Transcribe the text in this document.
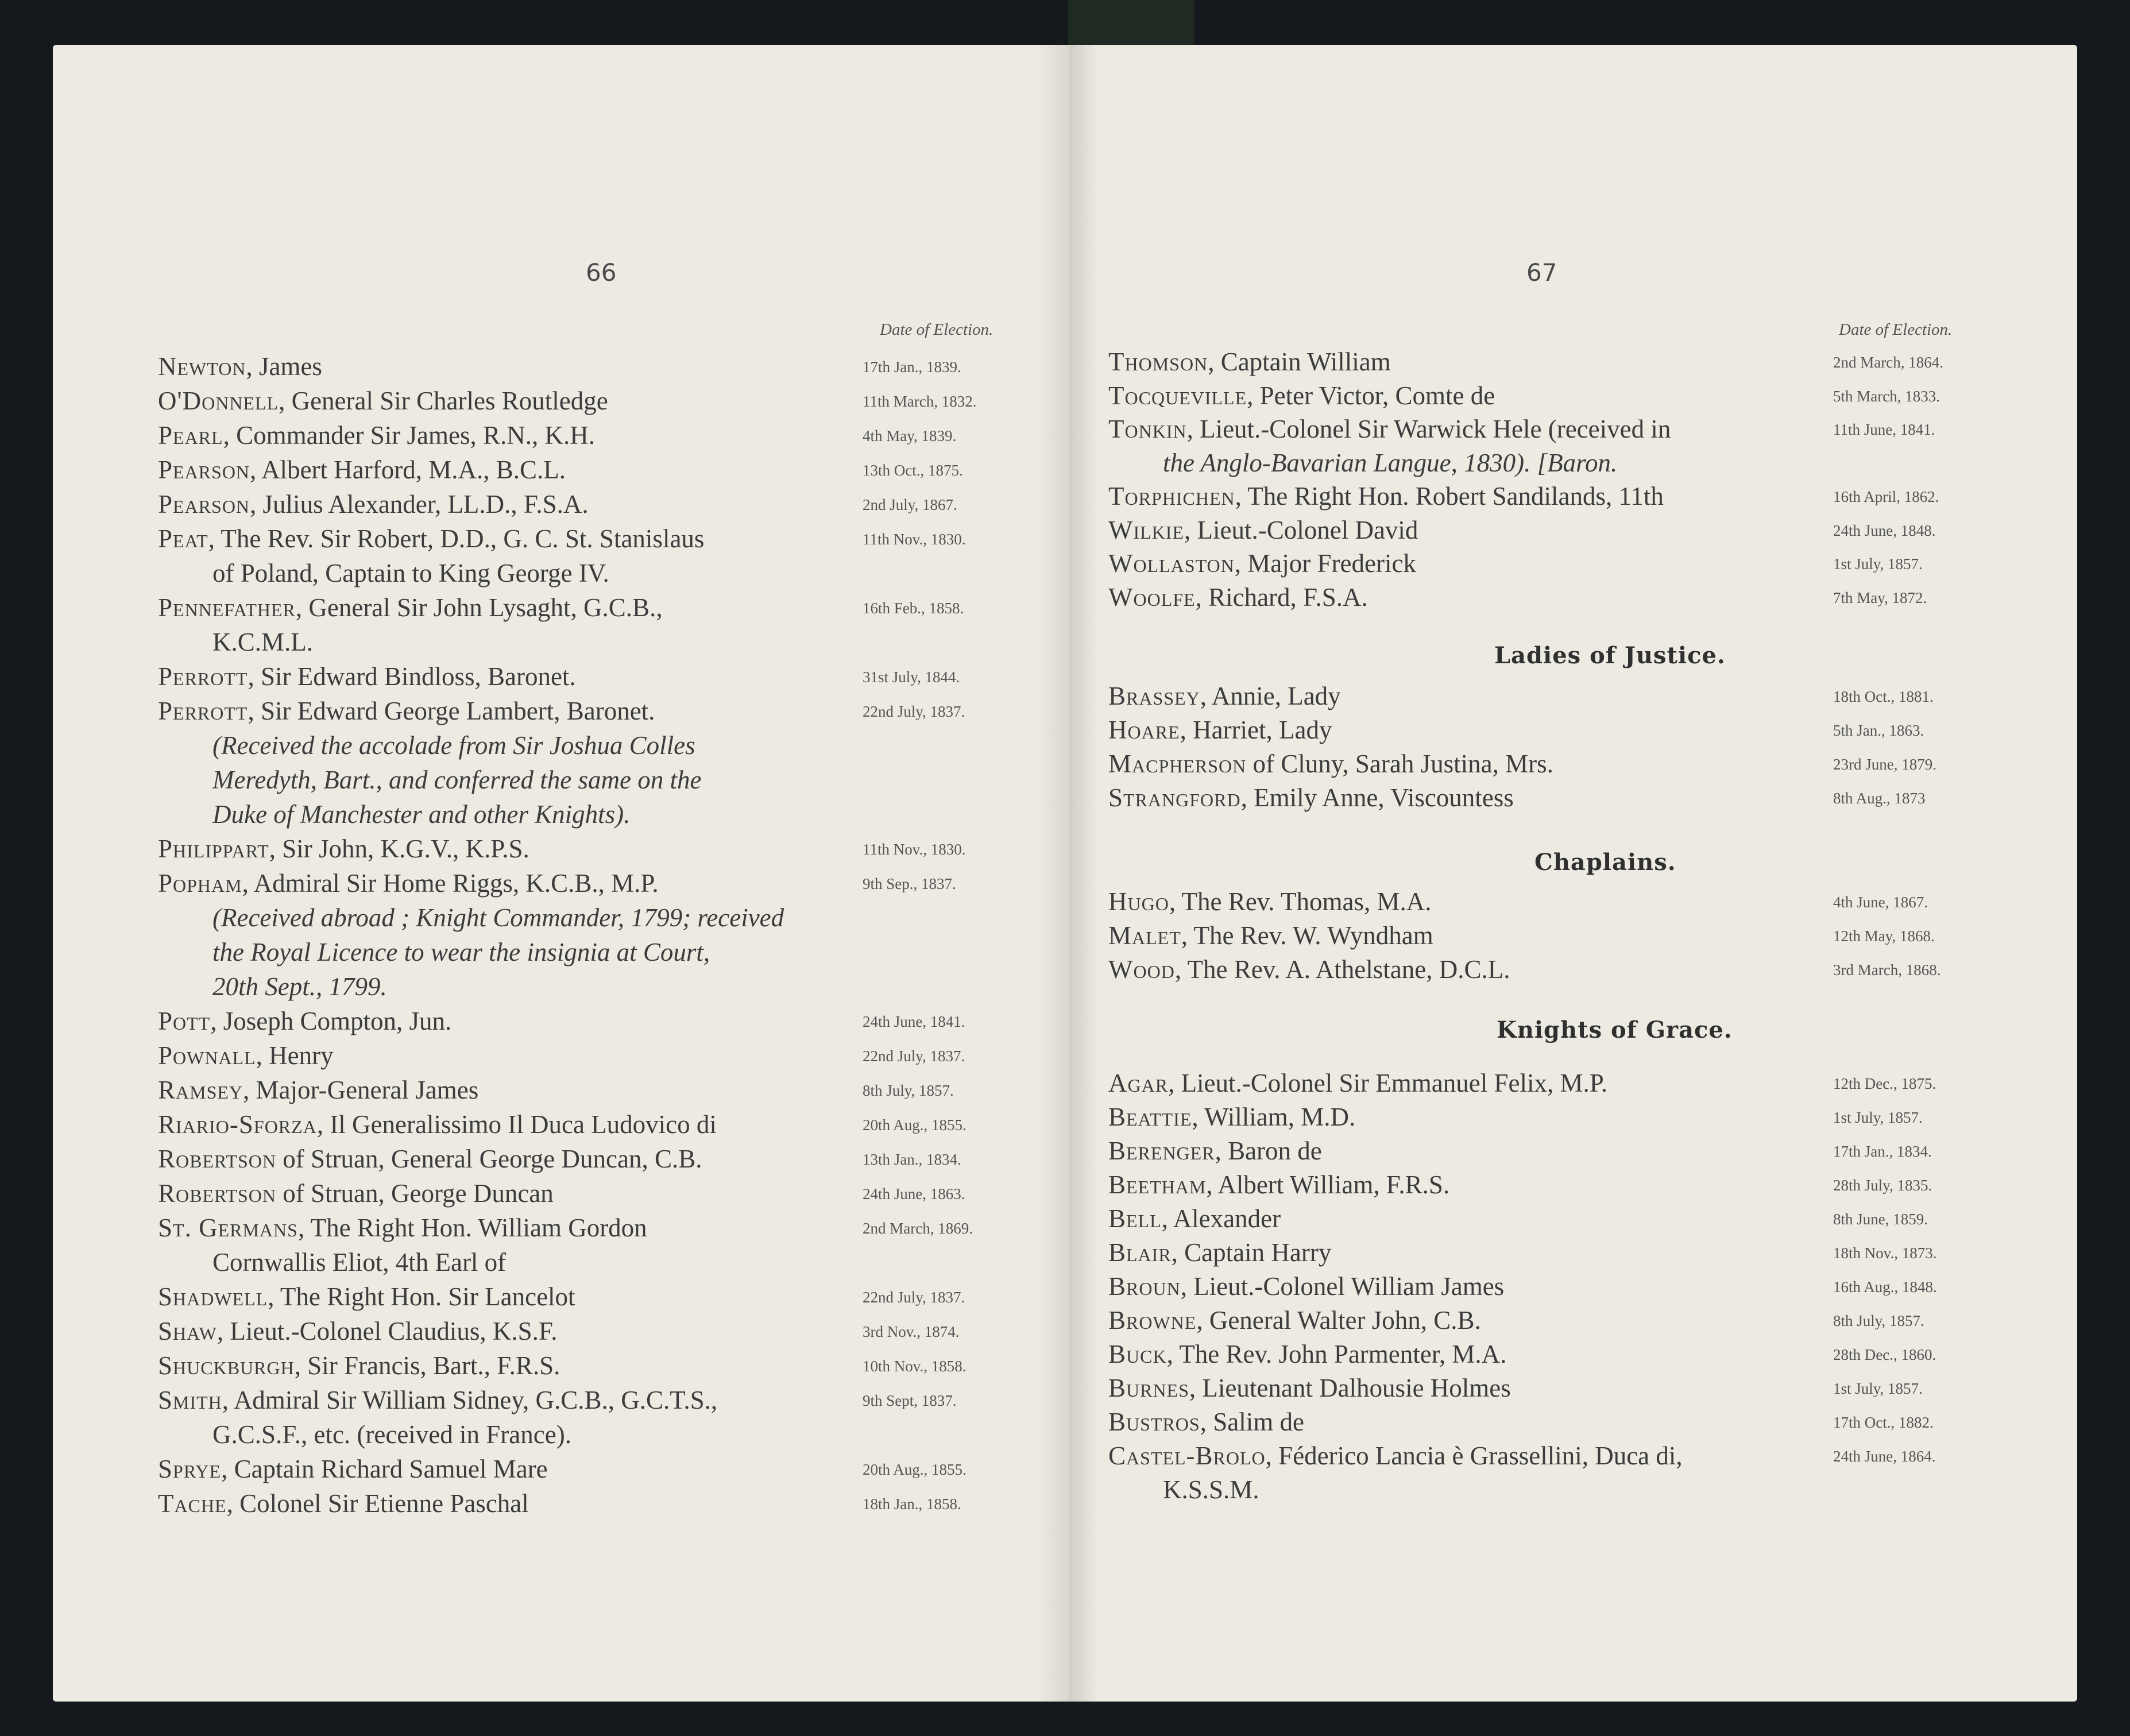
66
Date of Election.
17th Jan., 1839.
Newton, James
11th March, 1832.
O'Donnell, General Sir Charles Routledge
4th May, 1839.
Pearl, Commander Sir James, R.N., K.H.
13th Oct., 1875.
Pearson, Albert Harford, M.A., B.C.L.
2nd July, 1867.
Pearson, Julius Alexander, LL.D., F.S.A.
11th Nov., 1830.
Peat, The Rev. Sir Robert, D.D., G. C. St. Stanislaus
of Poland, Captain to King George IV.
16th Feb., 1858.
Pennefather, General Sir John Lysaght, G.C.B.,
K.C.M.L.
31st July, 1844.
Perrott, Sir Edward Bindloss, Baronet.
22nd July, 1837.
Perrott, Sir Edward George Lambert, Baronet.
(Received the accolade from Sir Joshua Colles
Meredyth, Bart., and conferred the same on the
Duke of Manchester and other Knights).
11th Nov., 1830.
Philippart, Sir John, K.G.V., K.P.S.
9th Sep., 1837.
Popham, Admiral Sir Home Riggs, K.C.B., M.P.
(Received abroad ; Knight Commander, 1799; received
the Royal Licence to wear the insignia at Court,
20th Sept., 1799.
24th June, 1841.
Pott, Joseph Compton, Jun.
22nd July, 1837.
Pownall, Henry
8th July, 1857.
Ramsey, Major-General James
20th Aug., 1855.
Riario-Sforza, Il Generalissimo Il Duca Ludovico di
13th Jan., 1834.
Robertson of Struan, General George Duncan, C.B.
24th June, 1863.
Robertson of Struan, George Duncan
2nd March, 1869.
St. Germans, The Right Hon. William Gordon
Cornwallis Eliot, 4th Earl of
22nd July, 1837.
Shadwell, The Right Hon. Sir Lancelot
3rd Nov., 1874.
Shaw, Lieut.-Colonel Claudius, K.S.F.
10th Nov., 1858.
Shuckburgh, Sir Francis, Bart., F.R.S.
9th Sept, 1837.
Smith, Admiral Sir William Sidney, G.C.B., G.C.T.S.,
G.C.S.F., etc. (received in France).
20th Aug., 1855.
Sprye, Captain Richard Samuel Mare
18th Jan., 1858.
Tache, Colonel Sir Etienne Paschal
67
Date of Election.
2nd March, 1864.
Thomson, Captain William
5th March, 1833.
Tocqueville, Peter Victor, Comte de
11th June, 1841.
Tonkin, Lieut.-Colonel Sir Warwick Hele (received in
the Anglo-Bavarian Langue, 1830). [Baron.
16th April, 1862.
Torphichen, The Right Hon. Robert Sandilands, 11th
24th June, 1848.
Wilkie, Lieut.-Colonel David
1st July, 1857.
Wollaston, Major Frederick
7th May, 1872.
Woolfe, Richard, F.S.A.
Ladies of Justice.
Chaplains.
Knights of Grace.
18th Oct., 1881.
Brassey, Annie, Lady
5th Jan., 1863.
Hoare, Harriet, Lady
23rd June, 1879.
Macpherson of Cluny, Sarah Justina, Mrs.
8th Aug., 1873
Strangford, Emily Anne, Viscountess
4th June, 1867.
Hugo, The Rev. Thomas, M.A.
12th May, 1868.
Malet, The Rev. W. Wyndham
3rd March, 1868.
Wood, The Rev. A. Athelstane, D.C.L.
12th Dec., 1875.
Agar, Lieut.-Colonel Sir Emmanuel Felix, M.P.
1st July, 1857.
Beattie, William, M.D.
17th Jan., 1834.
Berenger, Baron de
28th July, 1835.
Beetham, Albert William, F.R.S.
8th June, 1859.
Bell, Alexander
18th Nov., 1873.
Blair, Captain Harry
16th Aug., 1848.
Broun, Lieut.-Colonel William James
8th July, 1857.
Browne, General Walter John, C.B.
28th Dec., 1860.
Buck, The Rev. John Parmenter, M.A.
1st July, 1857.
Burnes, Lieutenant Dalhousie Holmes
17th Oct., 1882.
Bustros, Salim de
24th June, 1864.
Castel-Brolo, Féderico Lancia è Grassellini, Duca di,
K.S.S.M.
